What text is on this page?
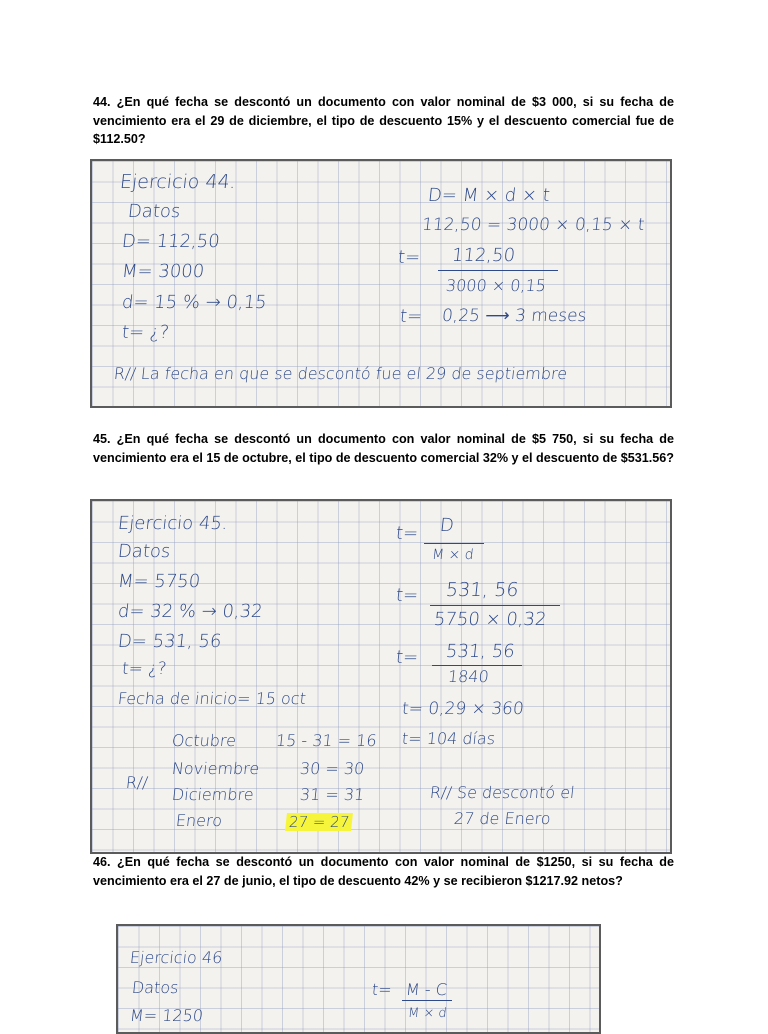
44. ¿En qué fecha se descontó un documento con valor nominal de $3 000, si su fecha de vencimiento era el 29 de diciembre, el tipo de descuento 15% y el descuento comercial fue de $112.50?
Ejercicio 44.
Datos
D= 112,50
M= 3000
d= 15 % → 0,15
t= ¿?
D= M × d × t
112,50 = 3000 × 0,15 × t
t= 112,50
3000 × 0,15
t= 0,25 ⟶ 3 meses
R// La fecha en que se descontó fue el 29 de septiembre
45. ¿En qué fecha se descontó un documento con valor nominal de $5 750, si su fecha de vencimiento era el 15 de octubre, el tipo de descuento comercial 32% y el descuento de $531.56?
Ejercicio 45.
Datos
M= 5750
d= 32 % → 0,32
D= 531, 56
t= ¿?
Fecha de inicio= 15 oct
t= D
M × d
t= 531, 56
5750 × 0,32
t= 531, 56
1840
t= 0,29 × 360
t= 104 días
Octubre 15 - 31 = 16
Noviembre 30 = 30
Diciembre	31 = 31
Enero	27 = 27
R//
R// Se descontó el
27 de Enero
46. ¿En qué fecha se descontó un documento con valor nominal de $1250, si su fecha de vencimiento era el 27 de junio, el tipo de descuento 42% y se recibieron $1217.92 netos?
Ejercicio 46
Datos
M= 1250
t= M - C
M × d
